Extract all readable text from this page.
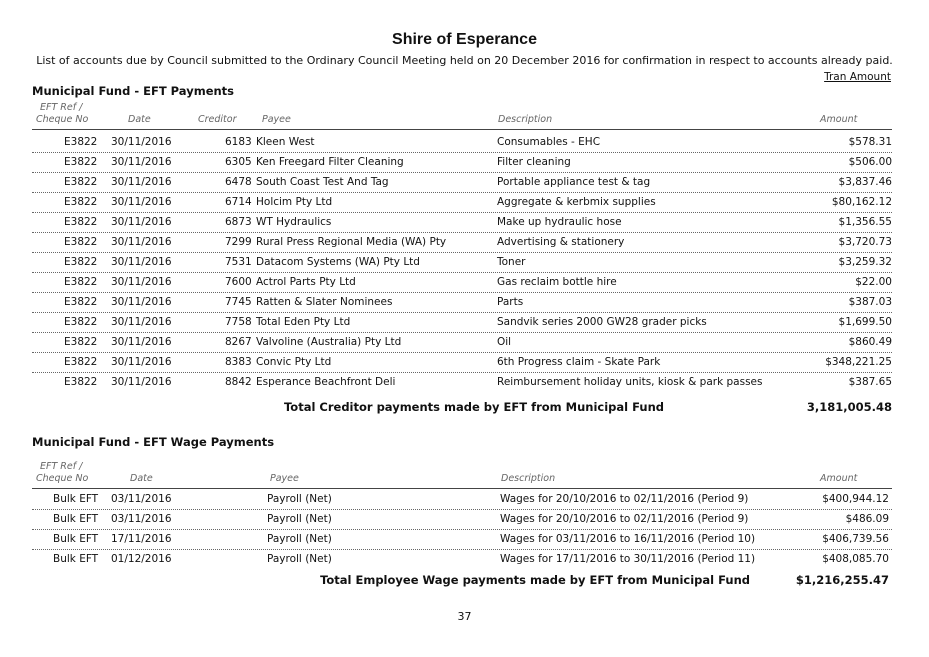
Shire of Esperance
List of accounts due by Council submitted to the Ordinary Council Meeting held on 20 December 2016 for confirmation in respect to accounts already paid.
Tran Amount
Municipal Fund - EFT Payments
EFT Ref /
Cheque No	Date	Creditor	Payee	Description	Amount
E3822 30/11/2016	6183 Kleen West	Consumables - EHC	$578.31
E3822 30/11/2016	6305 Ken Freegard Filter Cleaning	Filter cleaning	$506.00
E3822 30/11/2016	6478 South Coast Test And Tag	Portable appliance test & tag	$3,837.46
E3822 30/11/2016	6714 Holcim Pty Ltd	Aggregate & kerbmix supplies	$80,162.12
E3822 30/11/2016	6873 WT Hydraulics	Make up hydraulic hose	$1,356.55
E3822 30/11/2016	7299 Rural Press Regional Media (WA) Pty	Advertising & stationery	$3,720.73
E3822 30/11/2016	7531 Datacom Systems (WA) Pty Ltd	Toner	$3,259.32
E3822 30/11/2016	7600 Actrol Parts Pty Ltd	Gas reclaim bottle hire	$22.00
E3822 30/11/2016	7745 Ratten & Slater Nominees	Parts	$387.03
E3822 30/11/2016	7758 Total Eden Pty Ltd	Sandvik series 2000 GW28 grader picks	$1,699.50
E3822 30/11/2016	8267 Valvoline (Australia) Pty Ltd	Oil	$860.49
E3822 30/11/2016	8383 Convic Pty Ltd	6th Progress claim - Skate Park	$348,221.25
E3822 30/11/2016	8842 Esperance Beachfront Deli	Reimbursement holiday units, kiosk & park passes	$387.65
Total Creditor payments made by EFT from Municipal Fund	3,181,005.48
Municipal Fund - EFT Wage Payments
EFT Ref /
Cheque No	Date	Payee	Description	Amount
Bulk EFT 03/11/2016	Payroll (Net)	Wages for 20/10/2016 to 02/11/2016 (Period 9)	$400,944.12
Bulk EFT 03/11/2016	Payroll (Net)	Wages for 20/10/2016 to 02/11/2016 (Period 9)	$486.09
Bulk EFT 17/11/2016	Payroll (Net)	Wages for 03/11/2016 to 16/11/2016 (Period 10)	$406,739.56
Bulk EFT 01/12/2016	Payroll (Net)	Wages for 17/11/2016 to 30/11/2016 (Period 11)	$408,085.70
Total Employee Wage payments made by EFT from Municipal Fund	$1,216,255.47
37
